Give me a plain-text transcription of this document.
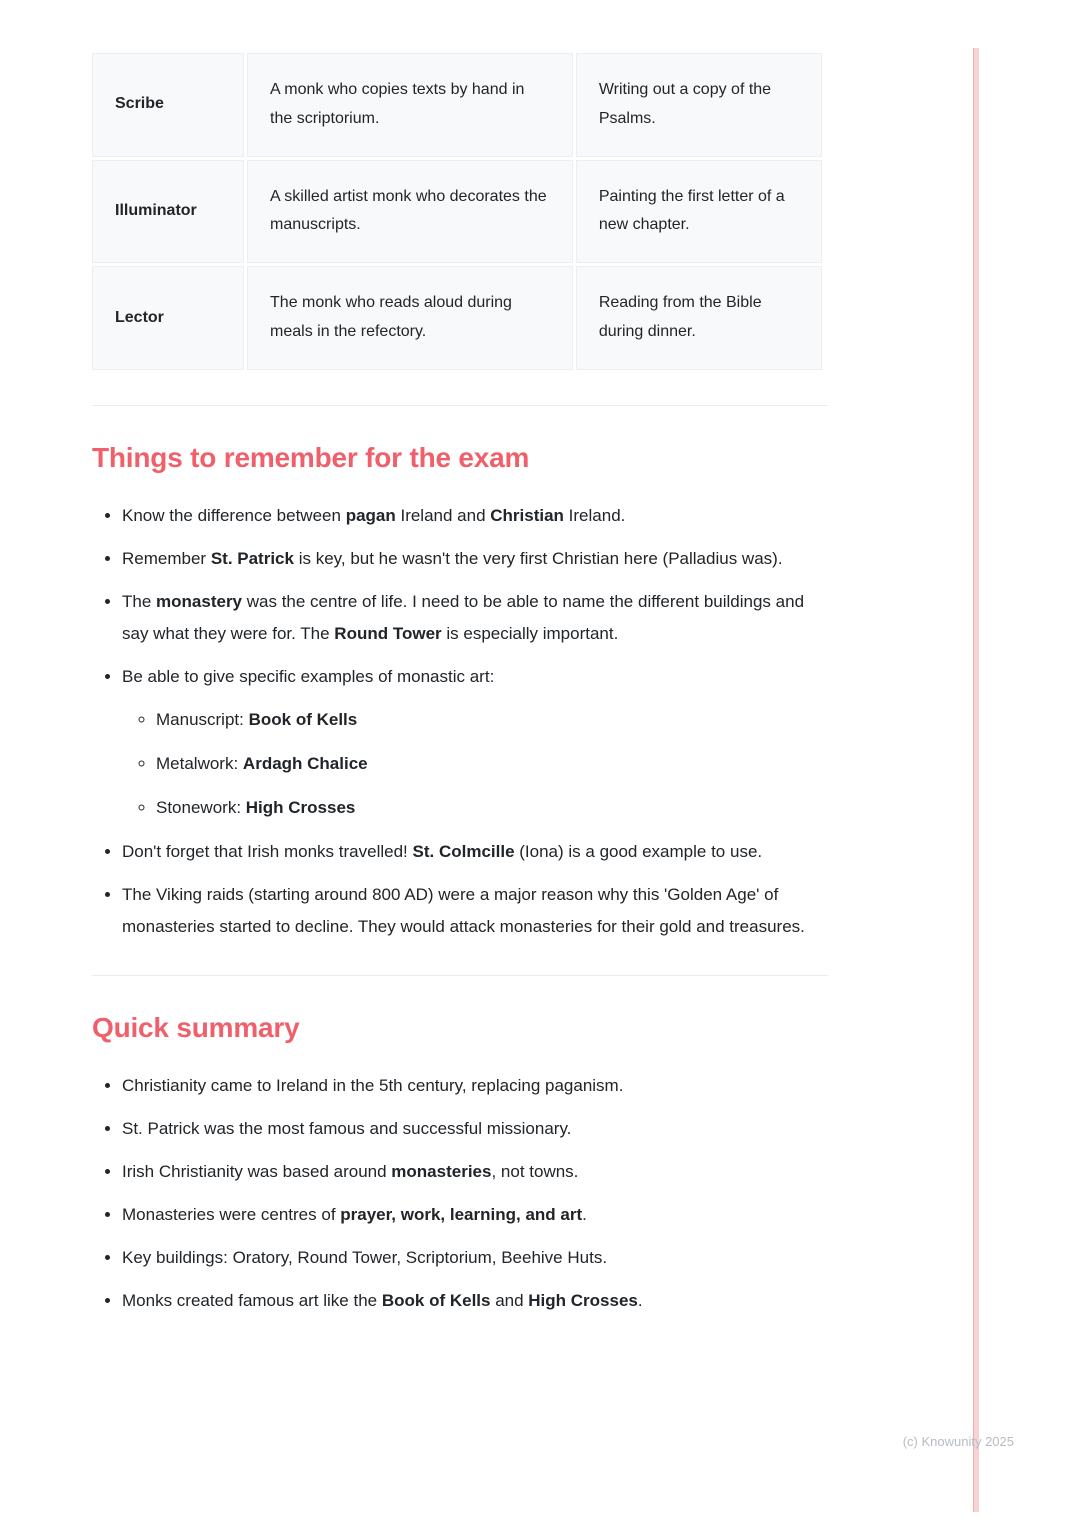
Scribe	A monk who copies texts by hand in the scriptorium.	Writing out a copy of the Psalms.
Illuminator	A skilled artist monk who decorates the manuscripts.	Painting the first letter of a new chapter.
Lector	The monk who reads aloud during meals in the refectory.	Reading from the Bible during dinner.
Things to remember for the exam
• Know the difference between pagan Ireland and Christian Ireland.
• Remember St. Patrick is key, but he wasn't the very first Christian here (Palladius was).
• The monastery was the centre of life. I need to be able to name the different buildings and say what they were for. The Round Tower is especially important.
• Be able to give specific examples of monastic art:
◦ Manuscript: Book of Kells
◦ Metalwork: Ardagh Chalice
◦ Stonework: High Crosses
• Don't forget that Irish monks travelled! St. Colmcille (Iona) is a good example to use.
• The Viking raids (starting around 800 AD) were a major reason why this 'Golden Age' of monasteries started to decline. They would attack monasteries for their gold and treasures.
Quick summary
• Christianity came to Ireland in the 5th century, replacing paganism.
• St. Patrick was the most famous and successful missionary.
• Irish Christianity was based around monasteries, not towns.
• Monasteries were centres of prayer, work, learning, and art.
• Key buildings: Oratory, Round Tower, Scriptorium, Beehive Huts.
• Monks created famous art like the Book of Kells and High Crosses.
(c) Knowunity 2025
